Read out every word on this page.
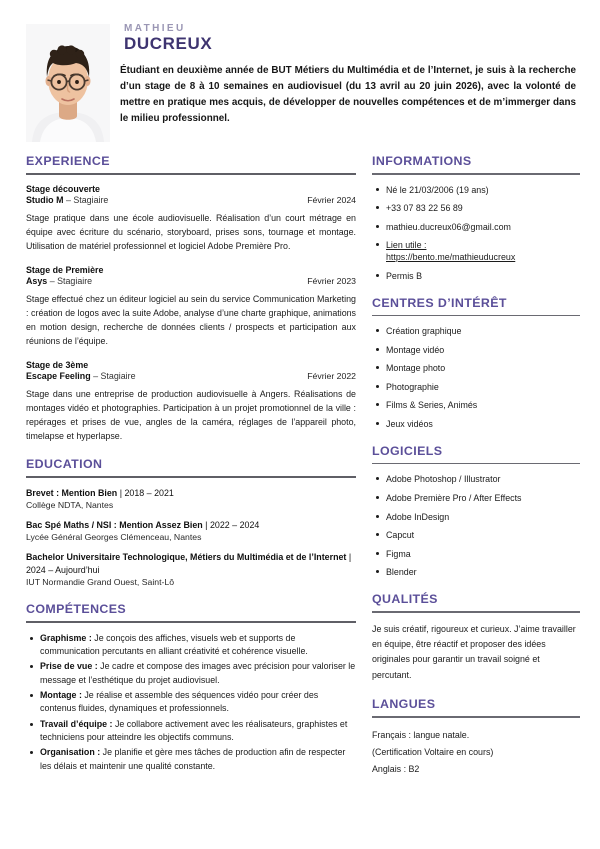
MATHIEU
DUCREUX

Étudiant en deuxième année de BUT Métiers du Multimédia et de l’Internet, je suis à la recherche d’un stage de 8 à 10 semaines en audiovisuel (du 13 avril au 20 juin 2026), avec la volonté de mettre en pratique mes acquis, de développer de nouvelles compétences et de m’immerger dans le milieu professionnel.

EXPERIENCE
Stage découverte
Studio M – Stagiaire	Février 2024
Stage pratique dans une école audiovisuelle. Réalisation d’un court métrage en équipe avec écriture du scénario, storyboard, prises sons, tournage et montage. Utilisation de matériel professionnel et logiciel Adobe Première Pro.
Stage de Première
Asys – Stagiaire	Février 2023
Stage effectué chez un éditeur logiciel au sein du service Communication Marketing : création de logos avec la suite Adobe, analyse d’une charte graphique, animations en motion design, recherche de données clients / prospects et participation aux réunions de l’équipe.
Stage de 3ème
Escape Feeling – Stagiaire	Février 2022
Stage dans une entreprise de production audiovisuelle à Angers. Réalisations de montages vidéo et photographies. Participation à un projet promotionnel de la ville : repérages et prises de vue, angles de la caméra, réglages de l’appareil photo, timelapse et hyperlapse.
EDUCATION
Brevet : Mention Bien | 2018 – 2021
Collège NDTA, Nantes
Bac Spé Maths / NSI : Mention Assez Bien | 2022 – 2024
Lycée Général Georges Clémenceau, Nantes
Bachelor Universitaire Technologique, Métiers du Multimédia et de l’Internet | 2024 – Aujourd’hui
IUT Normandie Grand Ouest, Saint-Lô
COMPÉTENCES
Graphisme : Je conçois des affiches, visuels web et supports de communication percutants en alliant créativité et cohérence visuelle.
Prise de vue : Je cadre et compose des images avec précision pour valoriser le message et l’esthétique du projet audiovisuel.
Montage : Je réalise et assemble des séquences vidéo pour créer des contenus fluides, dynamiques et professionnels.
Travail d’équipe : Je collabore activement avec les réalisateurs, graphistes et techniciens pour atteindre les objectifs communs.
Organisation : Je planifie et gère mes tâches de production afin de respecter les délais et maintenir une qualité constante.
INFORMATIONS
Né le 21/03/2006 (19 ans)
+33 07 83 22 56 89
mathieu.ducreux06@gmail.com
Lien utile :
https://bento.me/mathieuducreux
Permis B
CENTRES D’INTÉRÊT
Création graphique
Montage vidéo
Montage photo
Photographie
Films & Series, Animés
Jeux vidéos
LOGICIELS
Adobe Photoshop / Illustrator
Adobe Première Pro / After Effects
Adobe InDesign
Capcut
Figma
Blender
QUALITÉS
Je suis créatif, rigoureux et curieux. J’aime travailler en équipe, être réactif et proposer des idées originales pour garantir un travail soigné et percutant.
LANGUES
Français : langue natale.
(Certification Voltaire en cours)
Anglais : B2
